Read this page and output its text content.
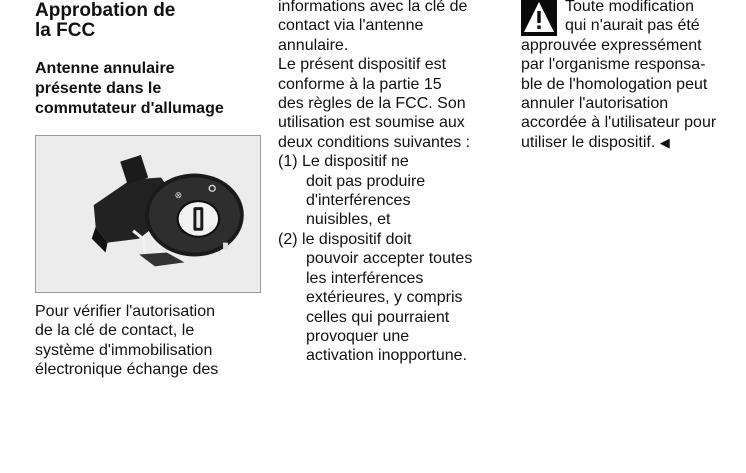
Approbation de
la FCC
Antenne annulaire
présente dans le
commutateur d'allumage
Pour vérifier l'autorisation
de la clé de contact, le
système d'immobilisation
électronique échange des
⊗
informations avec la clé de
contact via l'antenne
annulaire.
Le présent dispositif est
conforme à la partie 15
des règles de la FCC. Son
utilisation est soumise aux
deux conditions suivantes :
(1) Le dispositif ne
doit pas produire
d'interférences
nuisibles, et
(2) le dispositif doit
pouvoir accepter toutes
les interférences
extérieures, y compris
celles qui pourraient
provoquer une
activation inopportune.
Toute modification
qui n'aurait pas été
approuvée expressément
par l'organisme responsa-
ble de l'homologation peut
annuler l'autorisation
accordée à l'utilisateur pour
utiliser le dispositif. ◀
